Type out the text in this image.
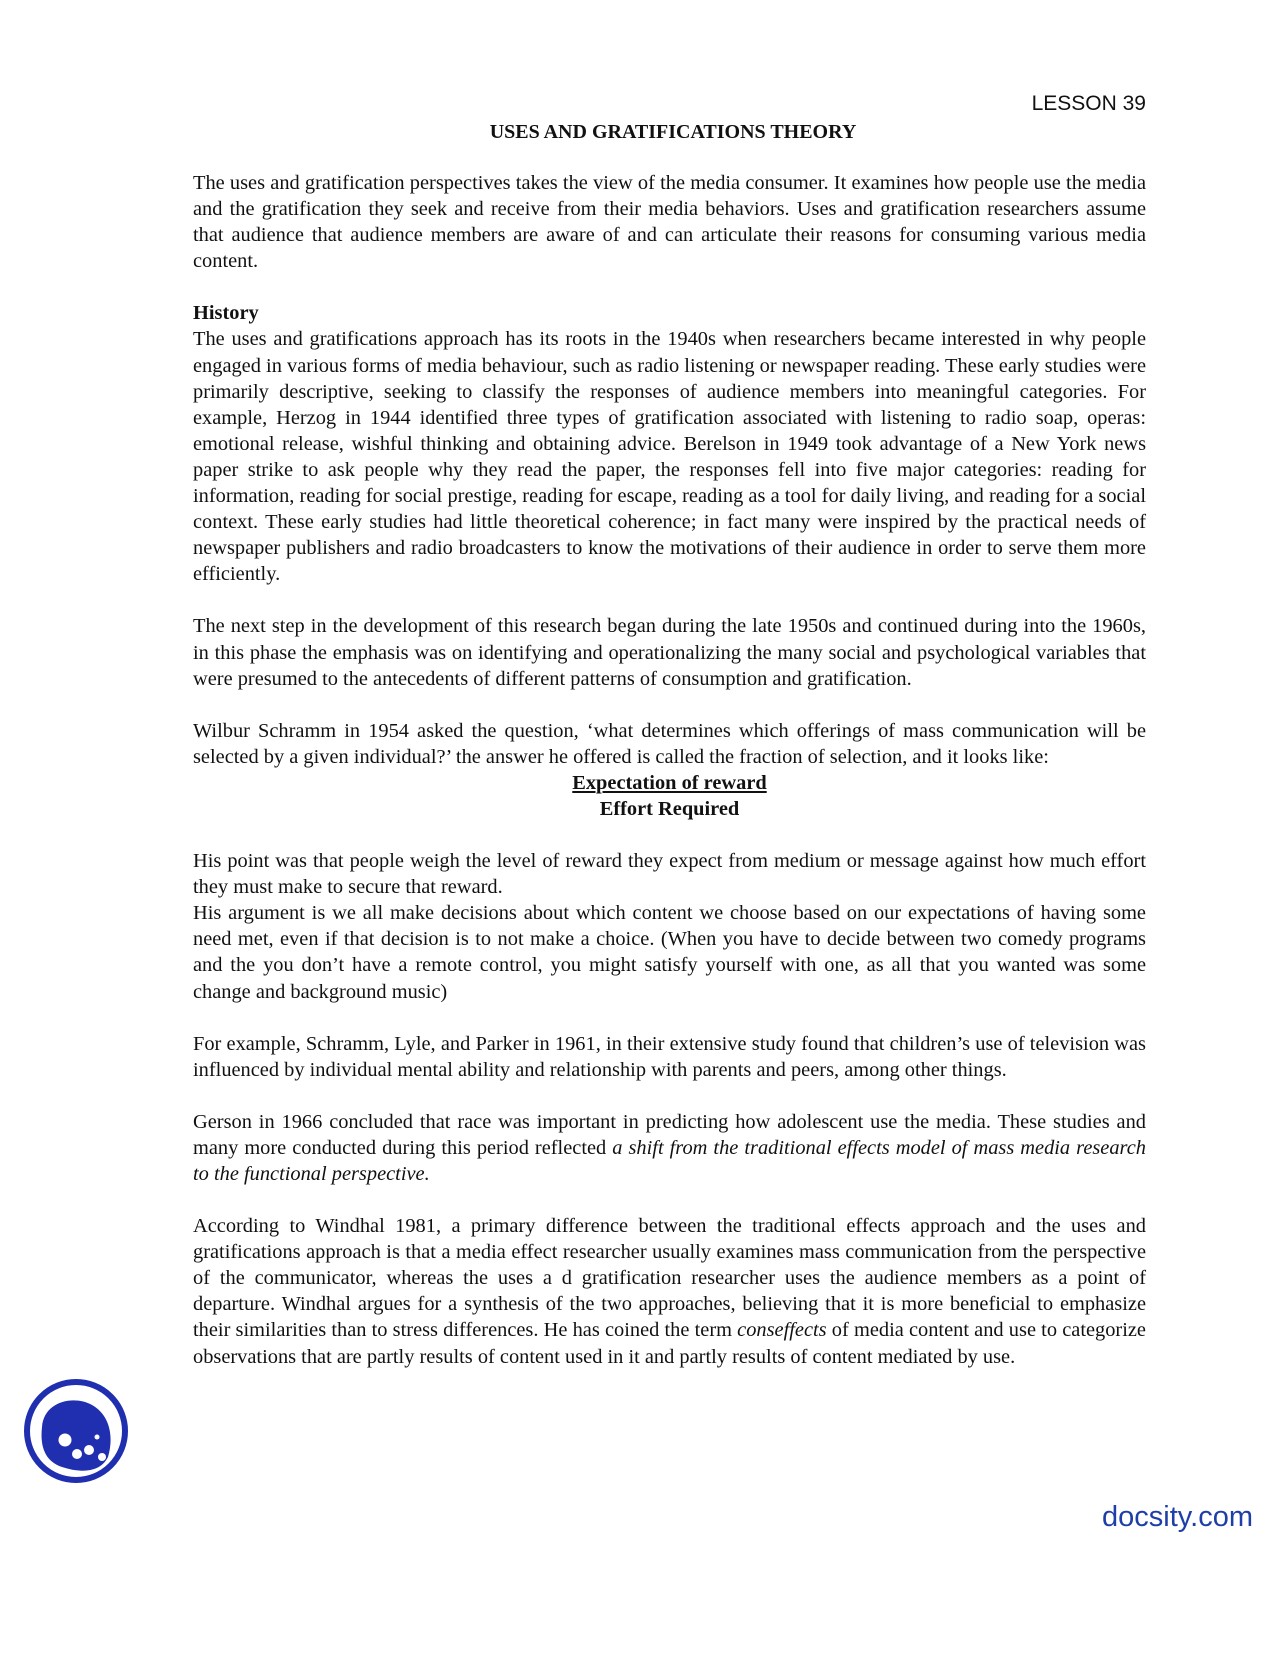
LESSON 39
USES AND GRATIFICATIONS THEORY

The uses and gratification perspectives takes the view of the media consumer. It examines how people use the media and the gratification they seek and receive from their media behaviors. Uses and gratification researchers assume that audience that audience members are aware of and can articulate their reasons for consuming various media content.

History
The uses and gratifications approach has its roots in the 1940s when researchers became interested in why people engaged in various forms of media behaviour, such as radio listening or newspaper reading. These early studies were primarily descriptive, seeking to classify the responses of audience members into meaningful categories. For example, Herzog in 1944 identified three types of gratification associated with listening to radio soap, operas: emotional release, wishful thinking and obtaining advice. Berelson in 1949 took advantage of a New York news paper strike to ask people why they read the paper, the responses fell into five major categories: reading for information, reading for social prestige, reading for escape, reading as a tool for daily living, and reading for a social context. These early studies had little theoretical coherence; in fact many were inspired by the practical needs of newspaper publishers and radio broadcasters to know the motivations of their audience in order to serve them more efficiently.

The next step in the development of this research began during the late 1950s and continued during into the 1960s, in this phase the emphasis was on identifying and operationalizing the many social and psychological variables that were presumed to the antecedents of different patterns of consumption and gratification.

Wilbur Schramm in 1954 asked the question, ‘what determines which offerings of mass communication will be selected by a given individual?’ the answer he offered is called the fraction of selection, and it looks like:

Expectation of reward
Effort Required

His point was that people weigh the level of reward they expect from medium or message against how much effort they must make to secure that reward.

His argument is we all make decisions about which content we choose based on our expectations of having some need met, even if that decision is to not make a choice. (When you have to decide between two comedy programs and the you don’t have a remote control, you might satisfy yourself with one, as all that you wanted was some change and background music)

For example, Schramm, Lyle, and Parker in 1961, in their extensive study found that children’s use of television was influenced by individual mental ability and relationship with parents and peers, among other things.

Gerson in 1966 concluded that race was important in predicting how adolescent use the media. These studies and many more conducted during this period reflected a shift from the traditional effects model of mass media research to the functional perspective.

According to Windhal 1981, a primary difference between the traditional effects approach and the uses and gratifications approach is that a media effect researcher usually examines mass communication from the perspective of the communicator, whereas the uses a d gratification researcher uses the audience members as a point of departure. Windhal argues for a synthesis of the two approaches, believing that it is more beneficial to emphasize their similarities than to stress differences. He has coined the term conseffects of media content and use to categorize observations that are partly results of content used in it and partly results of content mediated by use.

docsity.com
